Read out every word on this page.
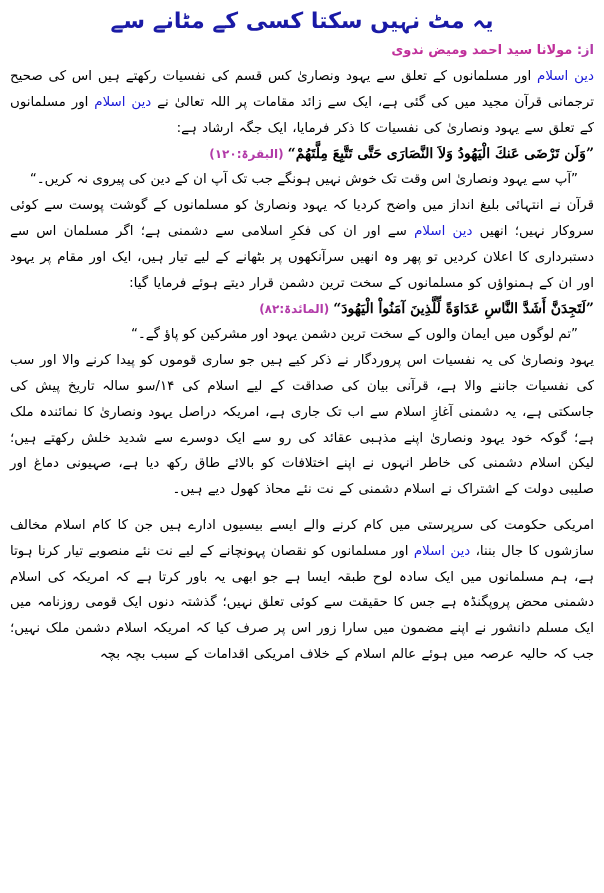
یہ مٹ نہیں سکتا کسی کے مٹانے سے
از: مولانا سید احمد ومیض ندوی

دین اسلام اور مسلمانوں کے تعلق سے یہود ونصاریٰ کس قسم کی نفسیات رکھتے ہیں اس کی صحیح ترجمانی قرآن مجید میں کی گئی ہے، ایک سے زائد مقامات پر اللہ تعالیٰ نے دین اسلام اور مسلمانوں کے تعلق سے یہود ونصاریٰ کی نفسیات کا ذکر فرمایا، ایک جگہ ارشاد ہے:

”وَلَن تَرْضَى عَنكَ الْيَهُودُ وَلاَ النَّصَارَى حَتَّى تَتَّبِعَ مِلَّتَهُمْ“(البقرۃ:۱۲۰)

”آپ سے یہود ونصاریٰ اس وقت تک خوش نہیں ہونگے جب تک آپ ان کے دین کی پیروی نہ کریں۔“

قرآن نے انتہائی بلیغ انداز میں واضح کردیا کہ یہود ونصاریٰ کو مسلمانوں کے گوشت پوست سے کوئی سروکار نہیں؛ انھیں دین اسلام سے اور ان کی فکرِ اسلامی سے دشمنی ہے؛ اگر مسلمان اس سے دستبرداری کا اعلان کردیں تو پھر وہ انھیں سرآنکھوں پر بٹھانے کے لیے تیار ہیں، ایک اور مقام پر یہود اور ان کے ہمنواؤں کو مسلمانوں کے سخت ترین دشمن قرار دیتے ہوئے فرمایا گیا:

”لَتَجِدَنَّ أَشَدَّ النَّاسِ عَدَاوَةً لِّلَّذِينَ آمَنُواْ الْيَهُودَ“(المائدۃ:۸۲)

”تم لوگوں میں ایمان والوں کے سخت ترین دشمن یہود اور مشرکین کو پاؤ گے۔“

یہود ونصاریٰ کی یہ نفسیات اس پروردگار نے ذکر کیے ہیں جو ساری قوموں کو پیدا کرنے والا اور سب کی نفسیات جاننے والا ہے، قرآنی بیان کی صداقت کے لیے اسلام کی ۱۴/سو سالہ تاریخ پیش کی جاسکتی ہے، یہ دشمنی آغازِ اسلام سے اب تک جاری ہے، امریکہ دراصل یہود ونصاریٰ کا نمائندہ ملک ہے؛ گوکہ خود یہود ونصاریٰ اپنے مذہبی عقائد کی رو سے ایک دوسرے سے شدید خلش رکھتے ہیں؛ لیکن اسلام دشمنی کی خاطر انہوں نے اپنے اختلافات کو بالائے طاق رکھ دیا ہے، صہیونی دماغ اور صلیبی دولت کے اشتراک نے اسلام دشمنی کے نت نئے محاذ کھول دیے ہیں۔

امریکی حکومت کی سرپرستی میں کام کرنے والے ایسے بیسیوں ادارے ہیں جن کا کام اسلام مخالف سازشوں کا جال بننا، دین اسلام اور مسلمانوں کو نقصان پہونچانے کے لیے نت نئے منصوبے تیار کرنا ہوتا ہے، ہم مسلمانوں میں ایک سادہ لوح طبقہ ایسا ہے جو ابھی یہ باور کرتا ہے کہ امریکہ کی اسلام دشمنی محض پروپگنڈہ ہے جس کا حقیقت سے کوئی تعلق نہیں؛ گذشتہ دنوں ایک قومی روزنامہ میں ایک مسلم دانشور نے اپنے مضمون میں سارا زور اس پر صرف کیا کہ امریکہ اسلام دشمن ملک نہیں؛ جب کہ حالیہ عرصہ میں ہوئے عالم اسلام کے خلاف امریکی اقدامات کے سبب بچہ بچہ
